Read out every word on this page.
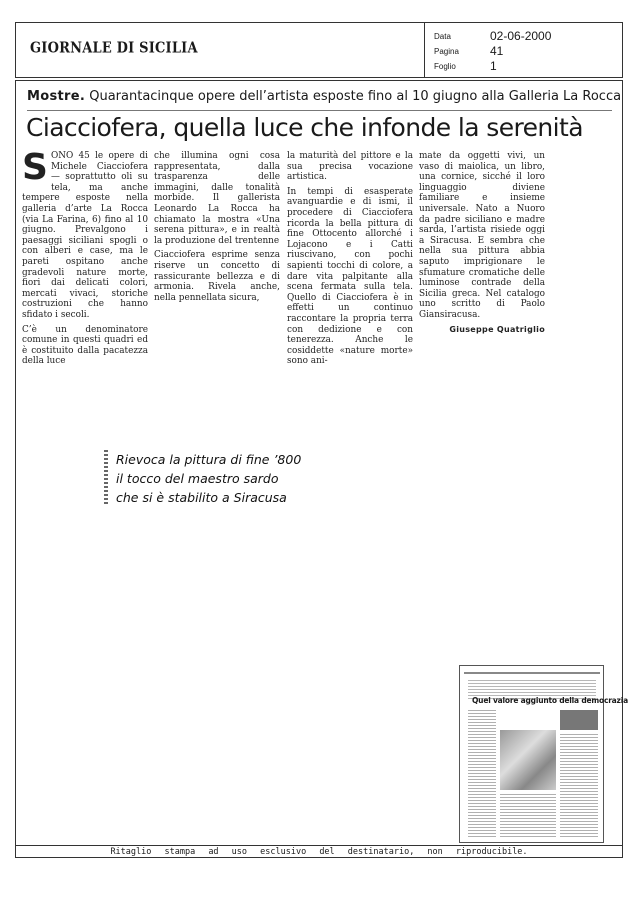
GIORNALE DI SICILIA
Data	02-06-2000
Pagina	41
Foglio	1
Mostre. Quarantacinque opere dell’artista esposte fino al 10 giugno alla Galleria La Rocca
Ciacciofera, quella luce che infonde la serenità

SONO 45 le opere di Michele Ciacciofera — soprattutto oli su tela, ma anche tempere esposte nella galleria d’arte La Rocca (via La Farina, 6) fino al 10 giugno. Prevalgono i paesaggi siciliani spogli o con alberi e case, ma le pareti ospitano anche gradevoli nature morte, fiori dai delicati colori, mercati vivaci, storiche costruzioni che hanno sfidato i secoli.

C’è un denominatore comune in questi quadri ed è costituito dalla pacatezza della luce

che illumina ogni cosa rappresentata, dalla trasparenza delle immagini, dalle tonalità morbide. Il gallerista Leonardo La Rocca ha chiamato la mostra «Una serena pittura», e in realtà la produzione del trentenne

Ciacciofera esprime senza riserve un concetto di rassicurante bellezza e di armonia. Rivela anche, nella pennellata sicura,

la maturità del pittore e la sua precisa vocazione artistica.

In tempi di esasperate avanguardie e di ismi, il procedere di Ciacciofera ricorda la bella pittura di fine Ottocento allorché i Lojacono e i Catti riuscivano, con pochi sapienti tocchi di colore, a dare vita palpitante alla scena fermata sulla tela. Quello di Ciacciofera è in effetti un continuo raccontare la propria terra con dedizione e con tenerezza. Anche le cosiddette «nature morte» sono ani-

mate da oggetti vivi, un vaso di maiolica, un libro, una cornice, sicché il loro linguaggio diviene familiare e insieme universale. Nato a Nuoro da padre siciliano e madre sarda, l’artista risiede oggi a Siracusa. E sembra che nella sua pittura abbia saputo imprigionare le sfumature cromatiche delle luminose contrade della Sicilia greca. Nel catalogo uno scritto di Paolo Giansiracusa.

Giuseppe Quatriglio
Rievoca la pittura di fine ’800
il tocco del maestro sardo
che si è stabilito a Siracusa
Quel valore aggiunto della democrazia
Ritaglio stampa ad uso esclusivo del destinatario, non riproducibile.
